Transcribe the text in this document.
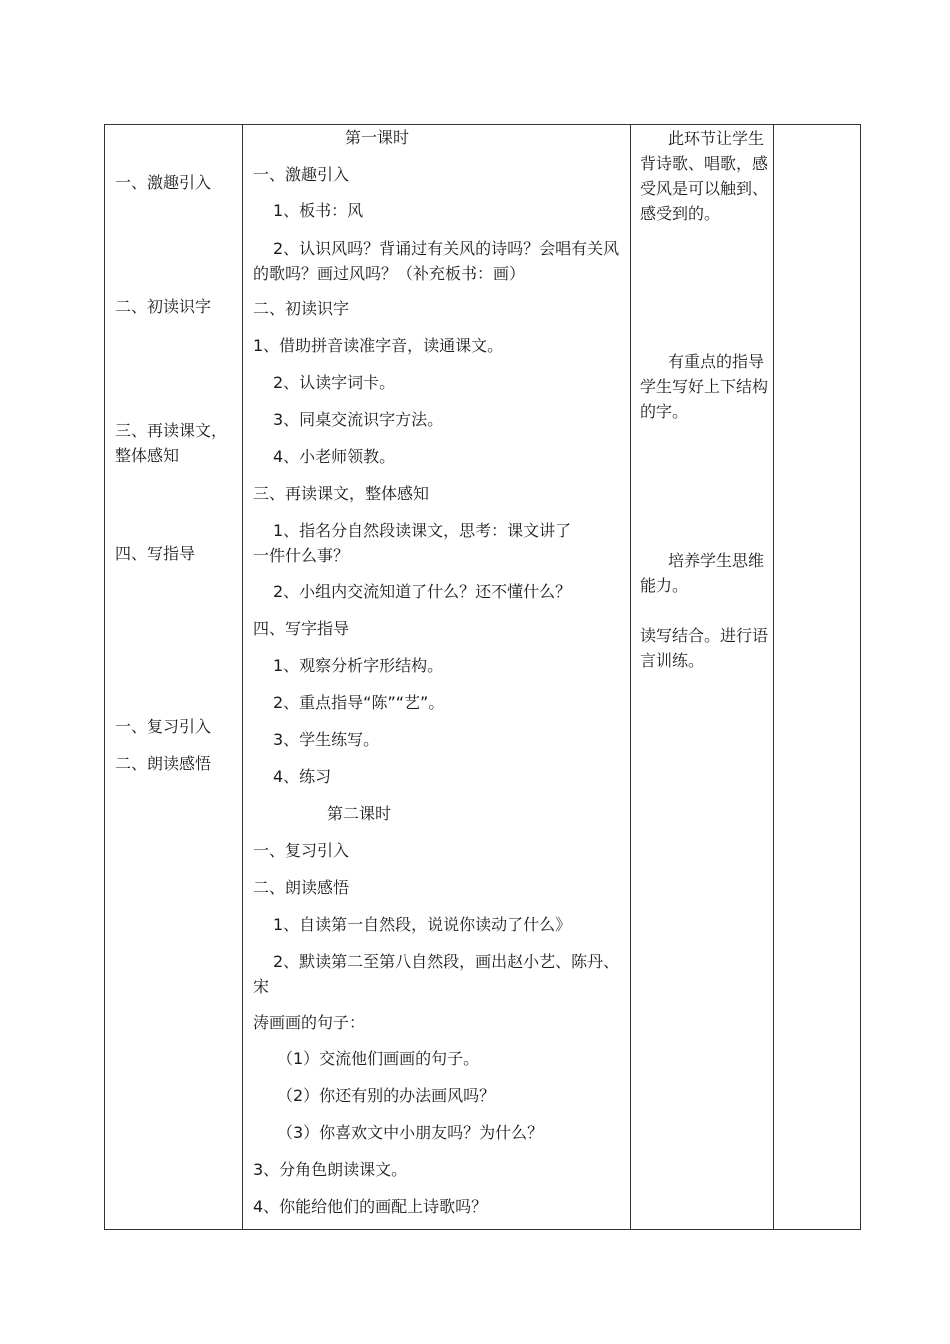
一、激趣引入
二、初读识字
三、再读课文，
整体感知
四、写指导
一、复习引入
二、朗读感悟
第一课时
一、激趣引入
1、板书：风
2、认识风吗？背诵过有关风的诗吗？会唱有关风的歌吗？画过风吗？（补充板书：画）
二、初读识字
1、借助拼音读准字音，读通课文。
2、认读字词卡。
3、同桌交流识字方法。
4、小老师领教。
三、再读课文，整体感知
1、指名分自然段读课文，思考：课文讲了一件什么事？
2、小组内交流知道了什么？还不懂什么？
四、写字指导
1、观察分析字形结构。
2、重点指导“陈”“艺”。
3、学生练写。
4、练习
第二课时
一、复习引入
二、朗读感悟
1、自读第一自然段，说说你读动了什么》
2、默读第二至第八自然段，画出赵小艺、陈丹、宋
涛画画的句子：
（1）交流他们画画的句子。
（2）你还有别的办法画风吗？
（3）你喜欢文中小朋友吗？为什么？
3、分角色朗读课文。
4、你能给他们的画配上诗歌吗？
此环节让学生背诗歌、唱歌，感受风是可以触到、感受到的。
有重点的指导学生写好上下结构的字。
培养学生思维能力。
读写结合。进行语言训练。
